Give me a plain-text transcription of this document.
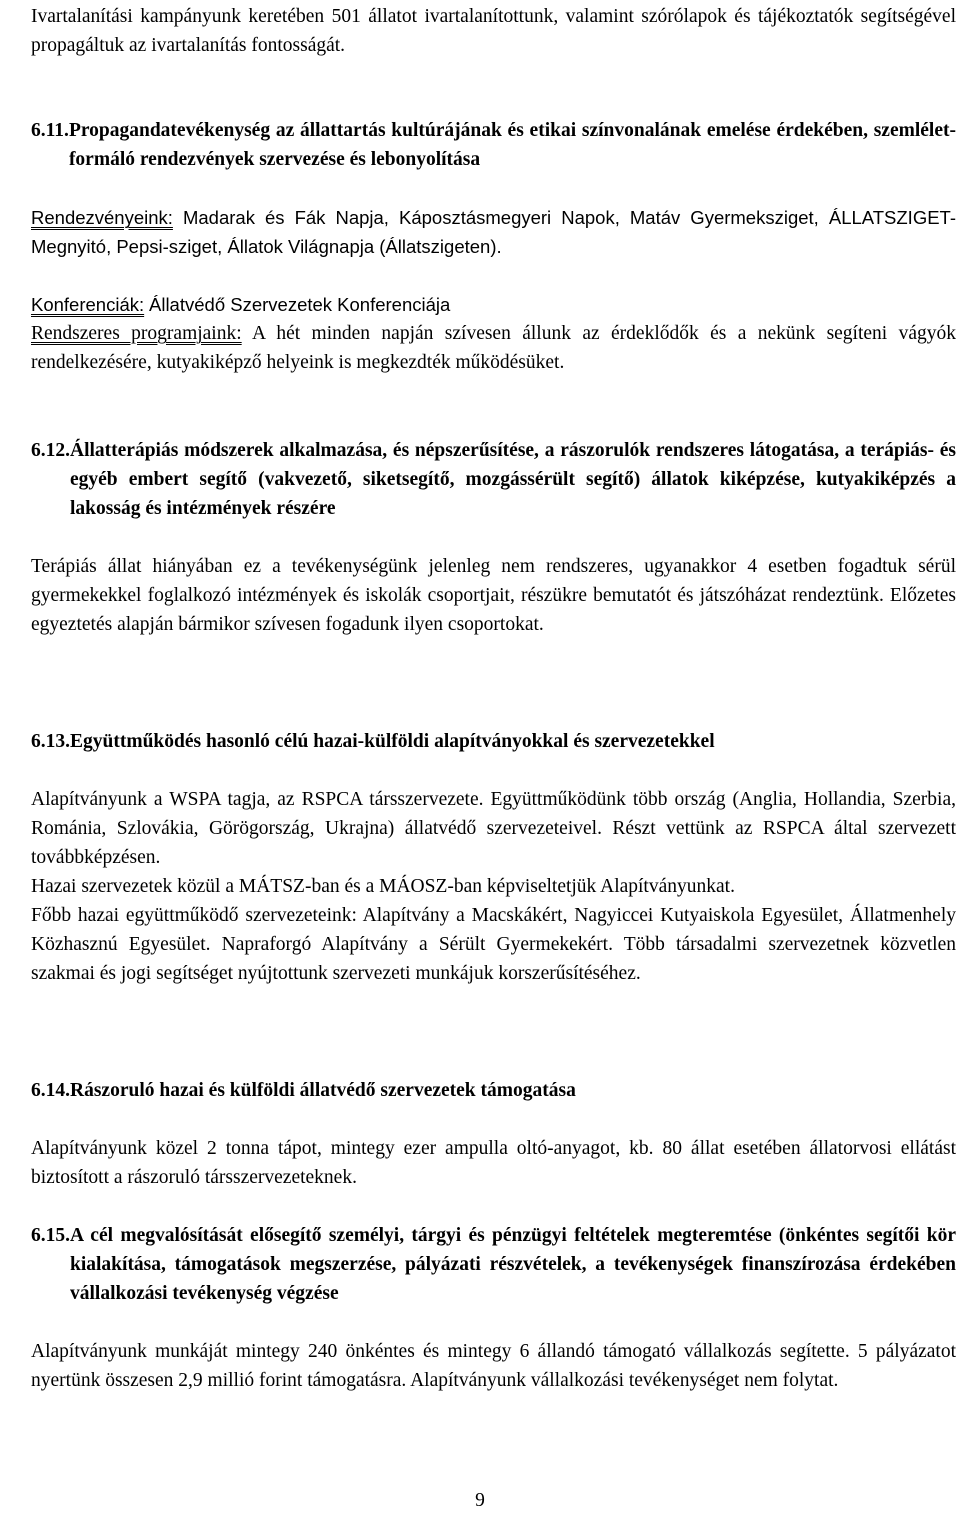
Ivartalanítási kampányunk keretében 501 állatot ivartalanítottunk, valamint szórólapok és tájékoztatók segítségével propagáltuk az ivartalanítás fontosságát.

6.11. Propagandatevékenység az állattartás kultúrájának és etikai színvonalának emelése érdekében, szemlélet-formáló rendezvények szervezése és lebonyolítása

Rendezvényeink: Madarak és Fák Napja, Káposztásmegyeri Napok, Matáv Gyermeksziget, ÁLLATSZIGET-Megnyitó, Pepsi-sziget, Állatok Világnapja (Állatszigeten).

Konferenciák: Állatvédő Szervezetek Konferenciája

Rendszeres programjaink: A hét minden napján szívesen állunk az érdeklődők és a nekünk segíteni vágyók rendelkezésére, kutyakiképző helyeink is megkezdték működésüket.

6.12. Állatterápiás módszerek alkalmazása, és népszerűsítése, a rászorulók rendszeres látogatása, a terápiás- és egyéb embert segítő (vakvezető, siketsegítő, mozgássérült segítő) állatok kiképzése, kutyakiképzés a lakosság és intézmények részére

Terápiás állat hiányában ez a tevékenységünk jelenleg nem rendszeres, ugyanakkor 4 esetben fogadtuk sérül gyermekekkel foglalkozó intézmények és iskolák csoportjait, részükre bemutatót és játszóházat rendeztünk. Előzetes egyeztetés alapján bármikor szívesen fogadunk ilyen csoportokat.

6.13. Együttműködés hasonló célú hazai-külföldi alapítványokkal és szervezetekkel

Alapítványunk a WSPA tagja, az RSPCA társszervezete. Együttműködünk több ország (Anglia, Hollandia, Szerbia, Románia, Szlovákia, Görögország, Ukrajna) állatvédő szervezeteivel. Részt vettünk az RSPCA által szervezett továbbképzésen.

Hazai szervezetek közül a MÁTSZ-ban és a MÁOSZ-ban képviseltetjük Alapítványunkat.

Főbb hazai együttműködő szervezeteink: Alapítvány a Macskákért, Nagyiccei Kutyaiskola Egyesület, Állatmenhely Közhasznú Egyesület. Napraforgó Alapítvány a Sérült Gyermekekért. Több társadalmi szervezetnek közvetlen szakmai és jogi segítséget nyújtottunk szervezeti munkájuk korszerűsítéséhez.

6.14. Rászoruló hazai és külföldi állatvédő szervezetek támogatása

Alapítványunk közel 2 tonna tápot, mintegy ezer ampulla oltó-anyagot, kb. 80 állat esetében állatorvosi ellátást biztosított a rászoruló társszervezeteknek.

6.15. A cél megvalósítását elősegítő személyi, tárgyi és pénzügyi feltételek megteremtése (önkéntes segítői kör kialakítása, támogatások megszerzése, pályázati részvételek, a tevékenységek finanszírozása érdekében vállalkozási tevékenység végzése

Alapítványunk munkáját mintegy 240 önkéntes és mintegy 6 állandó támogató vállalkozás segítette. 5 pályázatot nyertünk összesen 2,9 millió forint támogatásra. Alapítványunk vállalkozási tevékenységet nem folytat.

9
